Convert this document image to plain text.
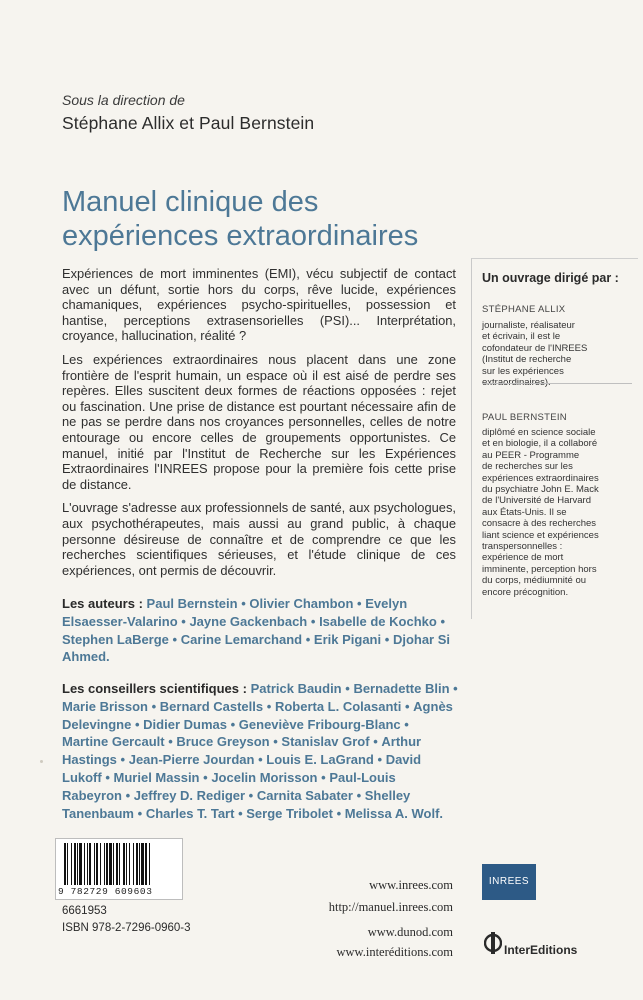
Sous la direction de
Stéphane Allix et Paul Bernstein
Manuel clinique des
expériences extraordinaires

Expériences de mort imminentes (EMI), vécu subjectif de contact avec un défunt, sortie hors du corps, rêve lucide, expériences chamaniques, expériences psycho-spirituelles, possession et hantise, perceptions extrasensorielles (PSI)... Interprétation, croyance, hallucination, réalité ?

Les expériences extraordinaires nous placent dans une zone frontière de l'esprit humain, un espace où il est aisé de perdre ses repères. Elles suscitent deux formes de réactions opposées : rejet ou fascination. Une prise de distance est pourtant nécessaire afin de ne pas se perdre dans nos croyances personnelles, celles de notre entourage ou encore celles de groupements opportunistes. Ce manuel, initié par l'Institut de Recherche sur les Expériences Extraordinaires l'INREES propose pour la première fois cette prise de distance.

L'ouvrage s'adresse aux professionnels de santé, aux psychologues, aux psychothérapeutes, mais aussi au grand public, à chaque personne désireuse de connaître et de comprendre ce que les recherches scientifiques sérieuses, et l'étude clinique de ces expériences, ont permis de découvrir.

Un ouvrage dirigé par :
STÉPHANE ALLIX
journaliste, réalisateur
et écrivain, il est le
cofondateur de l'INREES
(Institut de recherche
sur les expériences
extraordinaires).
PAUL BERNSTEIN
diplômé en science sociale
et en biologie, il a collaboré
au PEER - Programme
de recherches sur les
expériences extraordinaires
du psychiatre John E. Mack
de l'Université de Harvard
aux États-Unis. Il se
consacre à des recherches
liant science et expériences
transpersonnelles :
expérience de mort
imminente, perception hors
du corps, médiumnité ou
encore précognition.
Les auteurs : Paul Bernstein • Olivier Chambon • Evelyn Elsaesser-Valarino • Jayne Gackenbach • Isabelle de Kochko • Stephen LaBerge • Carine Lemarchand • Erik Pigani • Djohar Si Ahmed.
Les conseillers scientifiques : Patrick Baudin • Bernadette Blin • Marie Brisson • Bernard Castells • Roberta L. Colasanti • Agnès Delevingne • Didier Dumas • Geneviève Fribourg-Blanc • Martine Gercault • Bruce Greyson • Stanislav Grof • Arthur Hastings • Jean-Pierre Jourdan • Louis E. LaGrand • David Lukoff • Muriel Massin • Jocelin Morisson • Paul-Louis Rabeyron • Jeffrey D. Rediger • Carnita Sabater • Shelley Tanenbaum • Charles T. Tart • Serge Tribolet • Melissa A. Wolf.
9 782729 609603
6661953
ISBN 978-2-7296-0960-3
www.inrees.com
http://manuel.inrees.com
www.dunod.com
www.interéditions.com
INREES
InterEditions
